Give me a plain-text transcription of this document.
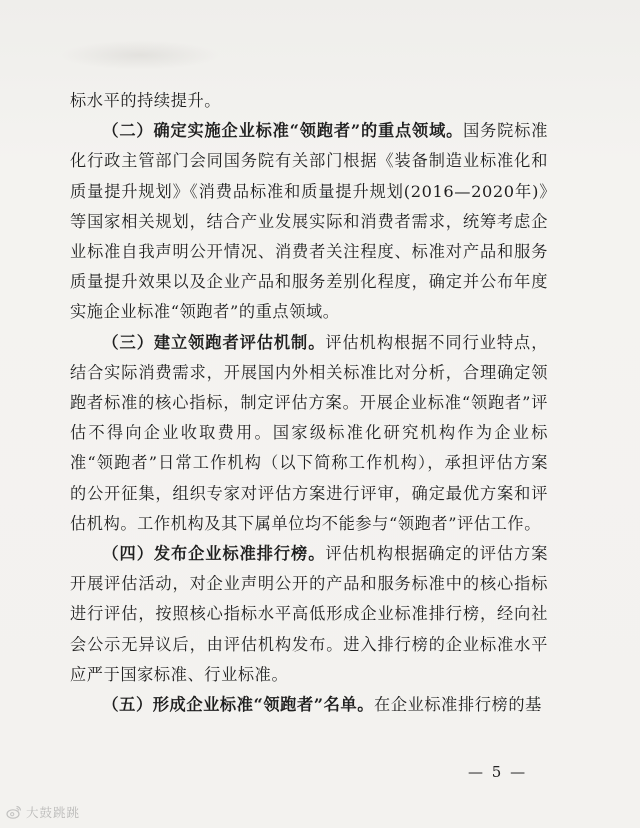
标水平的持续提升。

（二）确定实施企业标准“领跑者”的重点领域。国务院标准化行政主管部门会同国务院有关部门根据《装备制造业标准化和质量提升规划》《消费品标准和质量提升规划(2016—2020年)》等国家相关规划，结合产业发展实际和消费者需求，统筹考虑企业标准自我声明公开情况、消费者关注程度、标准对产品和服务质量提升效果以及企业产品和服务差别化程度，确定并公布年度实施企业标准“领跑者”的重点领域。

（三）建立领跑者评估机制。评估机构根据不同行业特点，结合实际消费需求，开展国内外相关标准比对分析，合理确定领跑者标准的核心指标，制定评估方案。开展企业标准“领跑者”评估不得向企业收取费用。国家级标准化研究机构作为企业标准“领跑者”日常工作机构（以下简称工作机构），承担评估方案的公开征集，组织专家对评估方案进行评审，确定最优方案和评估机构。工作机构及其下属单位均不能参与“领跑者”评估工作。

（四）发布企业标准排行榜。评估机构根据确定的评估方案开展评估活动，对企业声明公开的产品和服务标准中的核心指标进行评估，按照核心指标水平高低形成企业标准排行榜，经向社会公示无异议后，由评估机构发布。进入排行榜的企业标准水平应严于国家标准、行业标准。

（五）形成企业标准“领跑者”名单。在企业标准排行榜的基

— 5 —
大鼓跳跳
